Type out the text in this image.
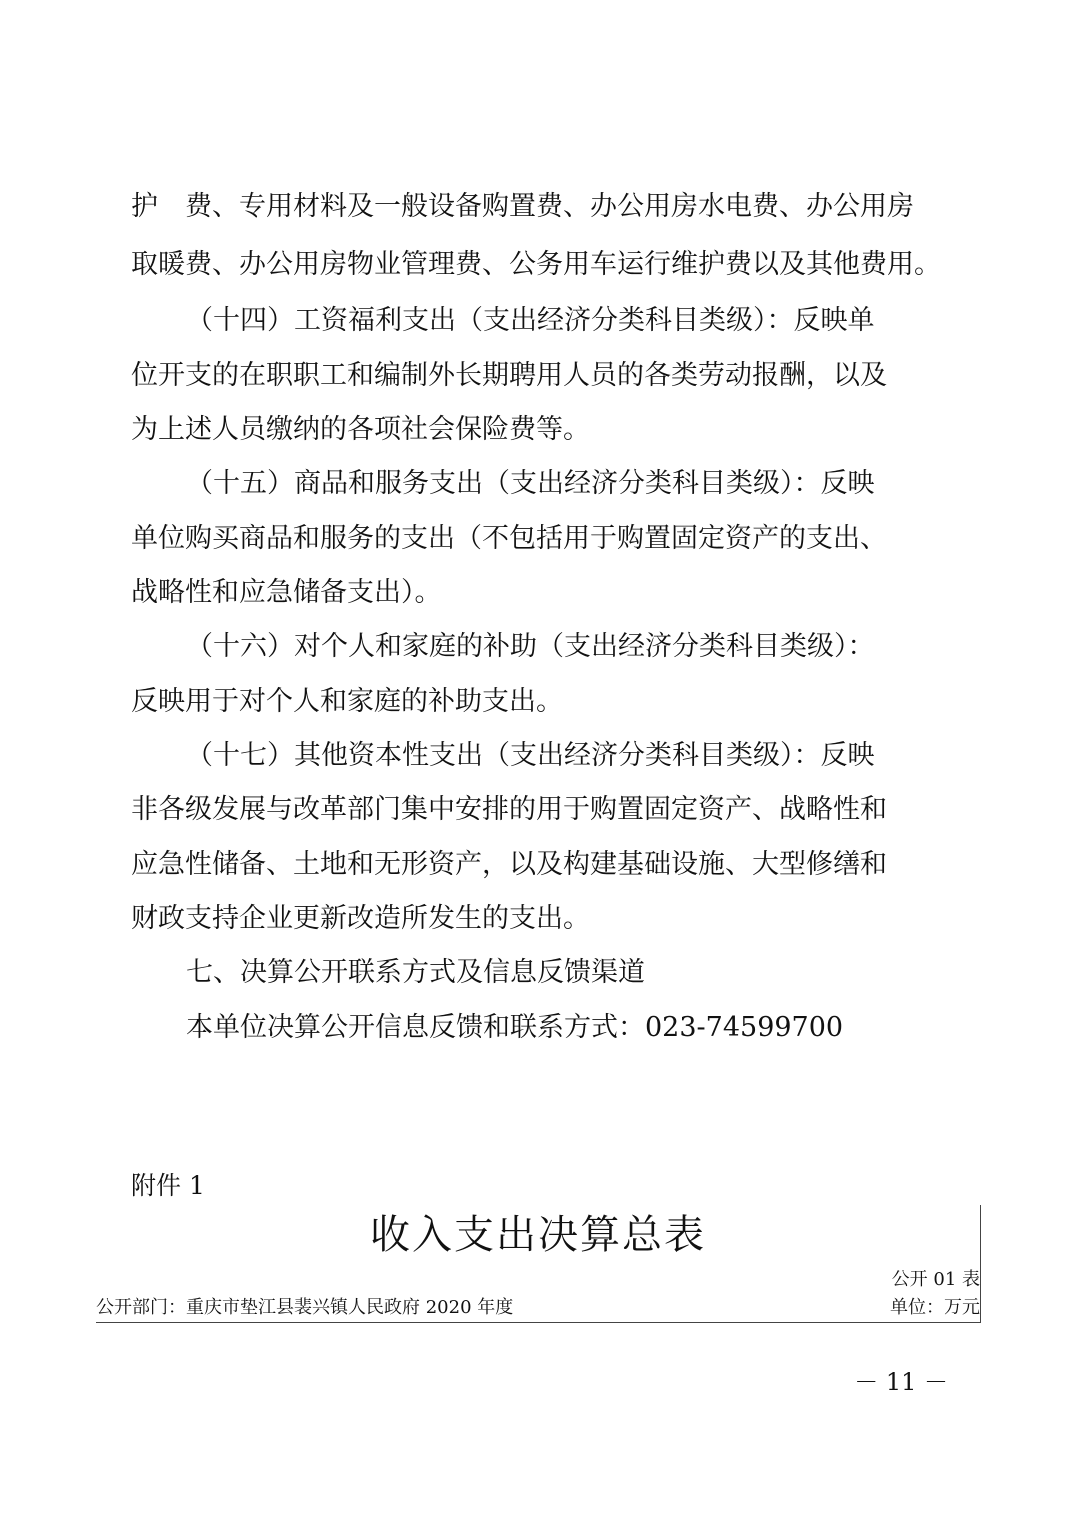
护　费、专用材料及一般设备购置费、办公用房水电费、办公用房

取暖费、办公用房物业管理费、公务用车运行维护费以及其他费用。

（十四）工资福利支出（支出经济分类科目类级）：反映单

位开支的在职职工和编制外长期聘用人员的各类劳动报酬，以及

为上述人员缴纳的各项社会保险费等。

（十五）商品和服务支出（支出经济分类科目类级）：反映

单位购买商品和服务的支出（不包括用于购置固定资产的支出、

战略性和应急储备支出）。

（十六）对个人和家庭的补助（支出经济分类科目类级）：

反映用于对个人和家庭的补助支出。

（十七）其他资本性支出（支出经济分类科目类级）：反映

非各级发展与改革部门集中安排的用于购置固定资产、战略性和

应急性储备、土地和无形资产，以及构建基础设施、大型修缮和

财政支持企业更新改造所发生的支出。

七、决算公开联系方式及信息反馈渠道

本单位决算公开信息反馈和联系方式：023-74599700

附件 1
收入支出决算总表
公开 01 表
公开部门：重庆市垫江县裴兴镇人民政府 2020 年度	单位：万元
－ 11 －
